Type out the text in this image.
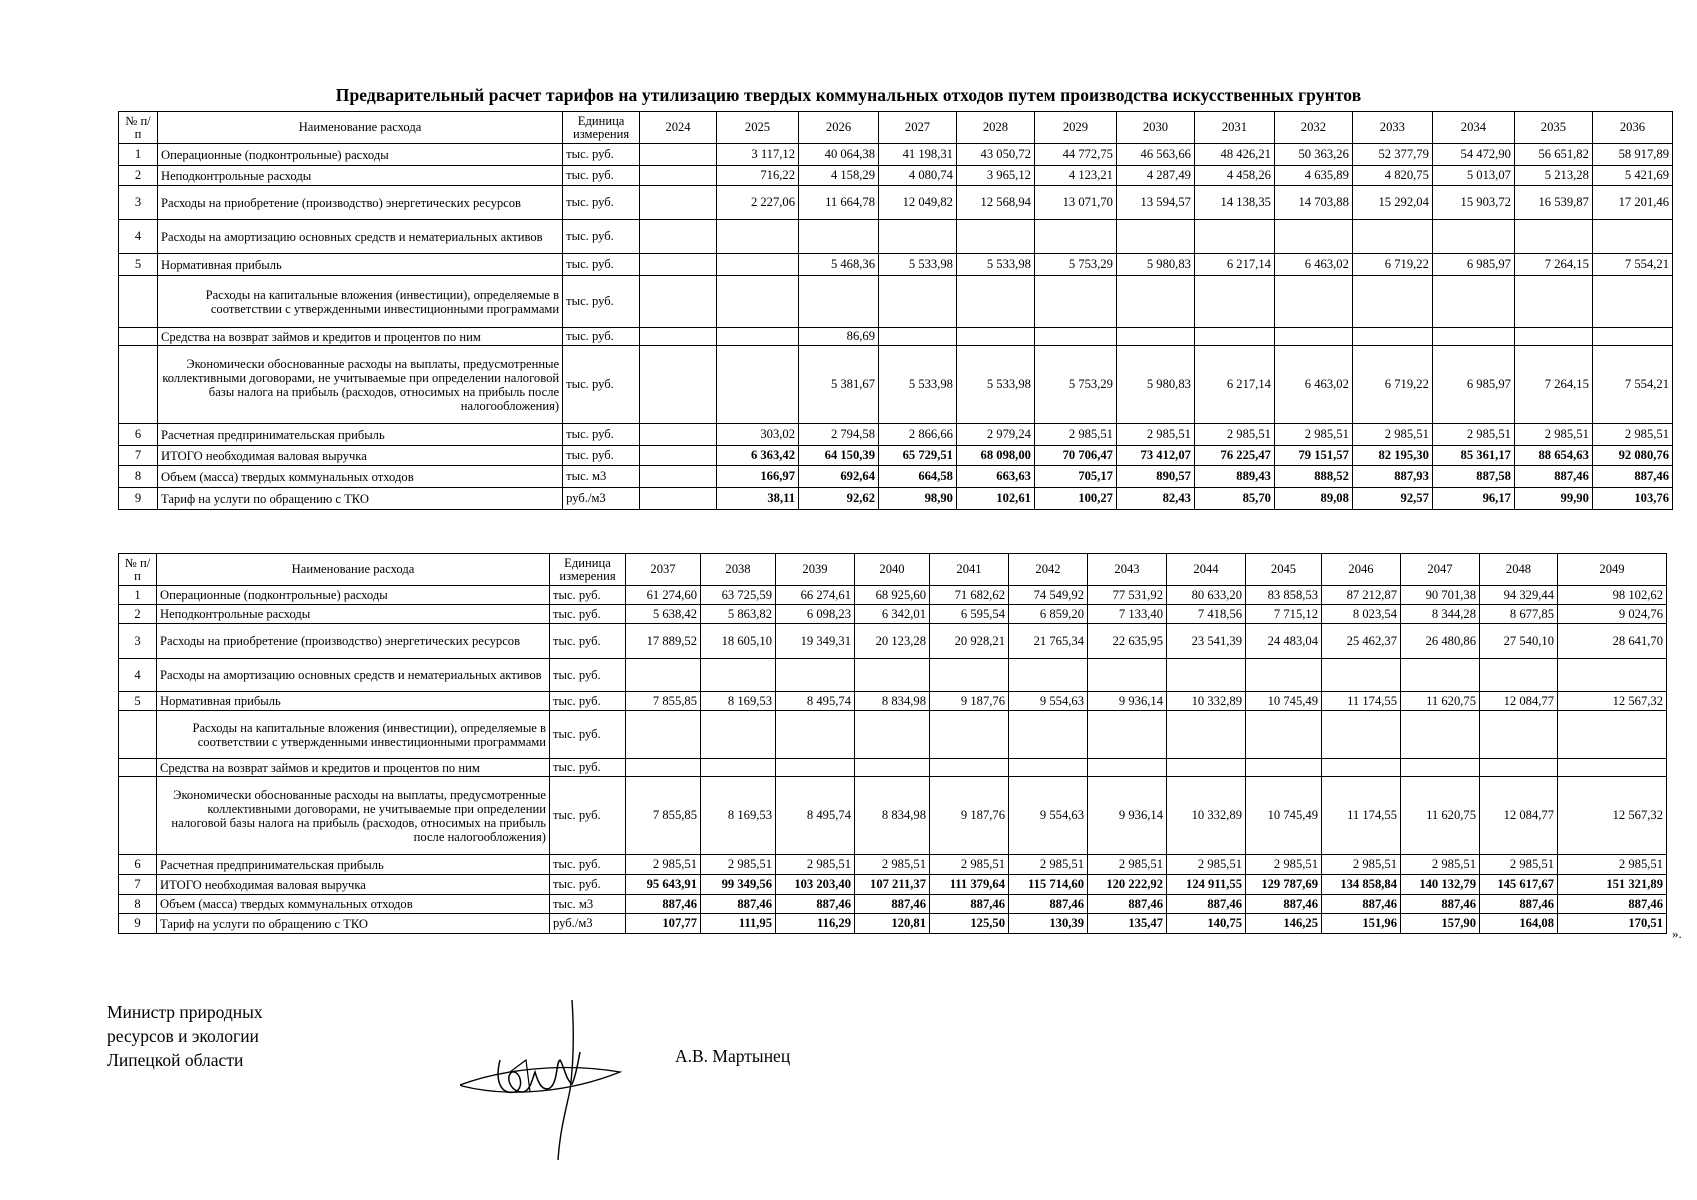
Предварительный расчет тарифов на утилизацию твердых коммунальных отходов путем производства искусственных грунтов
№ п/п	Наименование расхода	Единица измерения	2024	2025	2026	2027	2028	2029	2030	2031	2032	2033	2034	2035	2036
1	Операционные (подконтрольные) расходы	тыс. руб.		3 117,12	40 064,38	41 198,31	43 050,72	44 772,75	46 563,66	48 426,21	50 363,26	52 377,79	54 472,90	56 651,82	58 917,89
2	Неподконтрольные расходы	тыс. руб.		716,22	4 158,29	4 080,74	3 965,12	4 123,21	4 287,49	4 458,26	4 635,89	4 820,75	5 013,07	5 213,28	5 421,69
3	Расходы на приобретение (производство) энергетических ресурсов	тыс. руб.		2 227,06	11 664,78	12 049,82	12 568,94	13 071,70	13 594,57	14 138,35	14 703,88	15 292,04	15 903,72	16 539,87	17 201,46
4	Расходы на амортизацию основных средств и нематериальных активов	тыс. руб.													
5	Нормативная прибыль	тыс. руб.			5 468,36	5 533,98	5 533,98	5 753,29	5 980,83	6 217,14	6 463,02	6 719,22	6 985,97	7 264,15	7 554,21
	Расходы на капитальные вложения (инвестиции), определяемые в соответствии с утвержденными инвестиционными программами	тыс. руб.													
	Средства на возврат займов и кредитов и процентов по ним	тыс. руб.			86,69										
	Экономически обоснованные расходы на выплаты, предусмотренные коллективными договорами, не учитываемые при определении налоговой базы налога на прибыль (расходов, относимых на прибыль после налогообложения)	тыс. руб.			5 381,67	5 533,98	5 533,98	5 753,29	5 980,83	6 217,14	6 463,02	6 719,22	6 985,97	7 264,15	7 554,21
6	Расчетная предпринимательская прибыль	тыс. руб.		303,02	2 794,58	2 866,66	2 979,24	2 985,51	2 985,51	2 985,51	2 985,51	2 985,51	2 985,51	2 985,51	2 985,51
7	ИТОГО необходимая валовая выручка	тыс. руб.		6 363,42	64 150,39	65 729,51	68 098,00	70 706,47	73 412,07	76 225,47	79 151,57	82 195,30	85 361,17	88 654,63	92 080,76
8	Объем (масса) твердых коммунальных отходов	тыс. м3		166,97	692,64	664,58	663,63	705,17	890,57	889,43	888,52	887,93	887,58	887,46	887,46
9	Тариф на услуги по обращению с ТКО	руб./м3		38,11	92,62	98,90	102,61	100,27	82,43	85,70	89,08	92,57	96,17	99,90	103,76
№ п/п	Наименование расхода	Единица измерения	2037	2038	2039	2040	2041	2042	2043	2044	2045	2046	2047	2048	2049
1	Операционные (подконтрольные) расходы	тыс. руб.	61 274,60	63 725,59	66 274,61	68 925,60	71 682,62	74 549,92	77 531,92	80 633,20	83 858,53	87 212,87	90 701,38	94 329,44	98 102,62
2	Неподконтрольные расходы	тыс. руб.	5 638,42	5 863,82	6 098,23	6 342,01	6 595,54	6 859,20	7 133,40	7 418,56	7 715,12	8 023,54	8 344,28	8 677,85	9 024,76
3	Расходы на приобретение (производство) энергетических ресурсов	тыс. руб.	17 889,52	18 605,10	19 349,31	20 123,28	20 928,21	21 765,34	22 635,95	23 541,39	24 483,04	25 462,37	26 480,86	27 540,10	28 641,70
4	Расходы на амортизацию основных средств и нематериальных активов	тыс. руб.													
5	Нормативная прибыль	тыс. руб.	7 855,85	8 169,53	8 495,74	8 834,98	9 187,76	9 554,63	9 936,14	10 332,89	10 745,49	11 174,55	11 620,75	12 084,77	12 567,32
	Расходы на капитальные вложения (инвестиции), определяемые в соответствии с утвержденными инвестиционными программами	тыс. руб.													
	Средства на возврат займов и кредитов и процентов по ним	тыс. руб.													
	Экономически обоснованные расходы на выплаты, предусмотренные коллективными договорами, не учитываемые при определении налоговой базы налога на прибыль (расходов, относимых на прибыль после налогообложения)	тыс. руб.	7 855,85	8 169,53	8 495,74	8 834,98	9 187,76	9 554,63	9 936,14	10 332,89	10 745,49	11 174,55	11 620,75	12 084,77	12 567,32
6	Расчетная предпринимательская прибыль	тыс. руб.	2 985,51	2 985,51	2 985,51	2 985,51	2 985,51	2 985,51	2 985,51	2 985,51	2 985,51	2 985,51	2 985,51	2 985,51	2 985,51
7	ИТОГО необходимая валовая выручка	тыс. руб.	95 643,91	99 349,56	103 203,40	107 211,37	111 379,64	115 714,60	120 222,92	124 911,55	129 787,69	134 858,84	140 132,79	145 617,67	151 321,89
8	Объем (масса) твердых коммунальных отходов	тыс. м3	887,46	887,46	887,46	887,46	887,46	887,46	887,46	887,46	887,46	887,46	887,46	887,46	887,46
9	Тариф на услуги по обращению с ТКО	руб./м3	107,77	111,95	116,29	120,81	125,50	130,39	135,47	140,75	146,25	151,96	157,90	164,08	170,51
».
Министр природных
ресурсов и экологии
Липецкой области	А.В. Мартынец
